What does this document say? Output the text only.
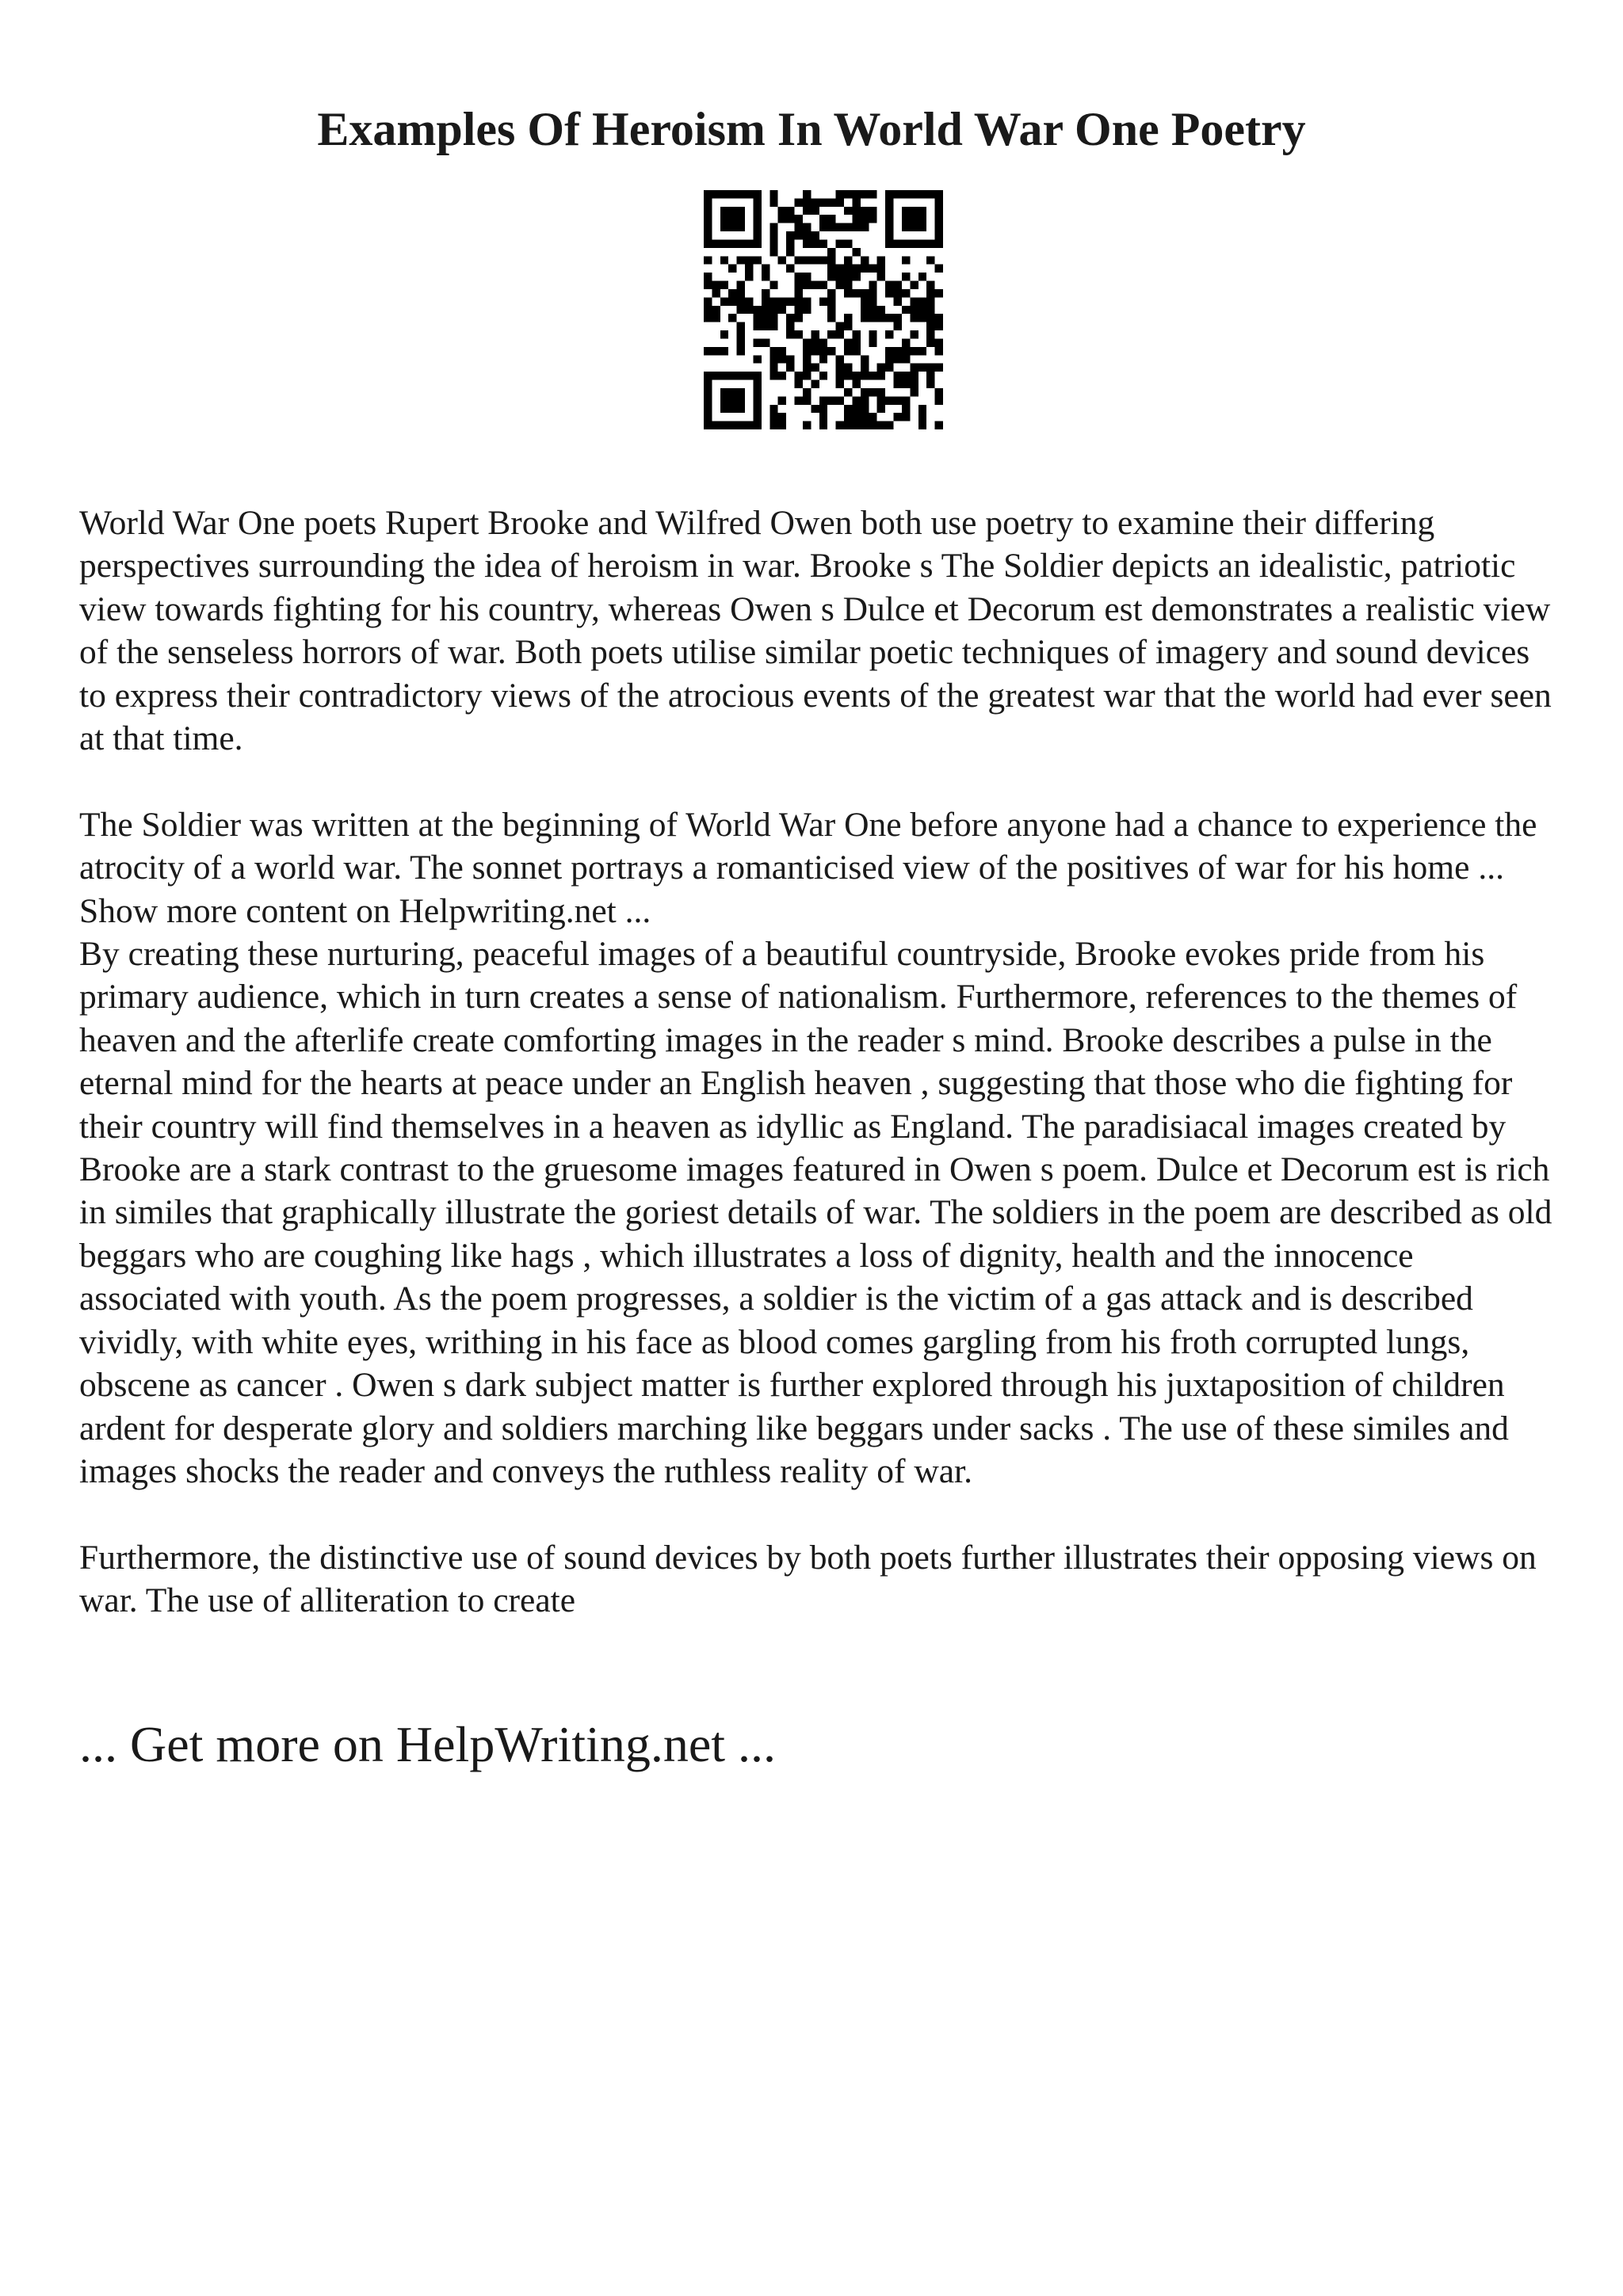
Examples Of Heroism In World War One Poetry

World War One poets Rupert Brooke and Wilfred Owen both use poetry to examine their differing perspectives surrounding the idea of heroism in war. Brooke s The Soldier depicts an idealistic, patriotic view towards fighting for his country, whereas Owen s Dulce et Decorum est demonstrates a realistic view of the senseless horrors of war. Both poets utilise similar poetic techniques of imagery and sound devices to express their contradictory views of the atrocious events of the greatest war that the world had ever seen at that time.

The Soldier was written at the beginning of World War One before anyone had a chance to experience the atrocity of a world war. The sonnet portrays a romanticised view of the positives of war for his home ... Show more content on Helpwriting.net ...

By creating these nurturing, peaceful images of a beautiful countryside, Brooke evokes pride from his primary audience, which in turn creates a sense of nationalism. Furthermore, references to the themes of heaven and the afterlife create comforting images in the reader s mind. Brooke describes a pulse in the eternal mind for the hearts at peace under an English heaven , suggesting that those who die fighting for their country will find themselves in a heaven as idyllic as England. The paradisiacal images created by Brooke are a stark contrast to the gruesome images featured in Owen s poem. Dulce et Decorum est is rich in similes that graphically illustrate the goriest details of war. The soldiers in the poem are described as old beggars who are coughing like hags , which illustrates a loss of dignity, health and the innocence associated with youth. As the poem progresses, a soldier is the victim of a gas attack and is described vividly, with white eyes, writhing in his face as blood comes gargling from his froth corrupted lungs, obscene as cancer . Owen s dark subject matter is further explored through his juxtaposition of children ardent for desperate glory and soldiers marching like beggars under sacks . The use of these similes and images shocks the reader and conveys the ruthless reality of war.

Furthermore, the distinctive use of sound devices by both poets further illustrates their opposing views on war. The use of alliteration to create

... Get more on HelpWriting.net ...
